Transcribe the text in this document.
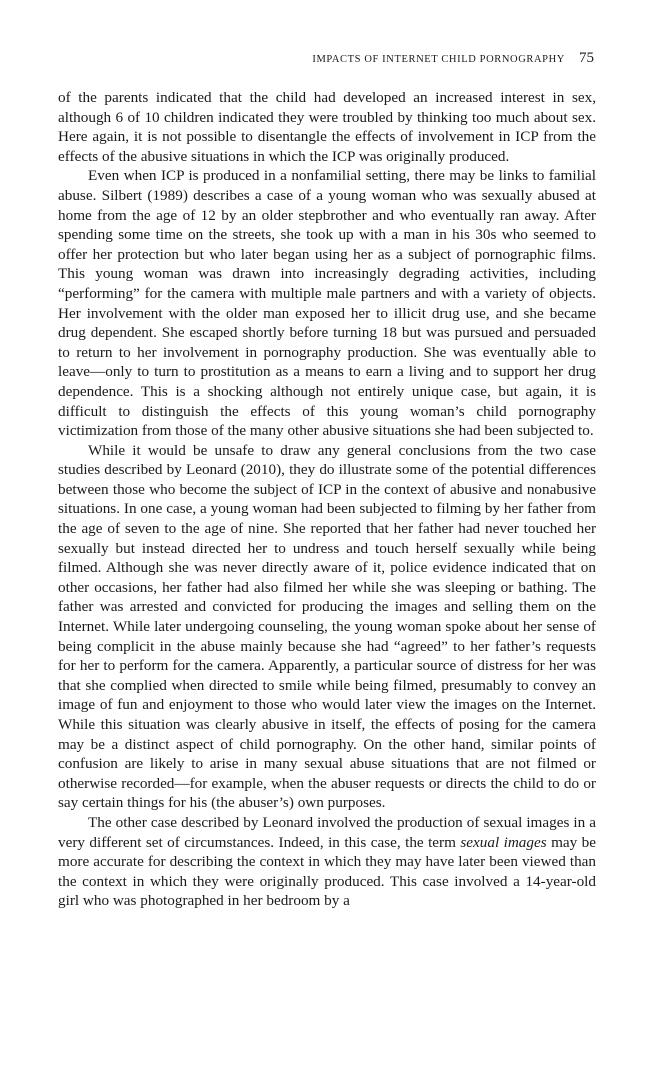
IMPACTS OF INTERNET CHILD PORNOGRAPHY 75

of the parents indicated that the child had developed an increased interest in sex, although 6 of 10 children indicated they were troubled by thinking too much about sex. Here again, it is not possible to disentangle the effects of involvement in ICP from the effects of the abusive situations in which the ICP was originally produced.

Even when ICP is produced in a nonfamilial setting, there may be links to familial abuse. Silbert (1989) describes a case of a young woman who was sexually abused at home from the age of 12 by an older stepbrother and who eventually ran away. After spending some time on the streets, she took up with a man in his 30s who seemed to offer her protection but who later began using her as a subject of pornographic films. This young woman was drawn into increasingly degrading activities, including “performing” for the camera with multiple male partners and with a variety of objects. Her involvement with the older man exposed her to illicit drug use, and she became drug dependent. She escaped shortly before turning 18 but was pursued and persuaded to return to her involvement in pornography production. She was eventually able to leave—only to turn to prostitution as a means to earn a living and to support her drug dependence. This is a shocking although not entirely unique case, but again, it is difficult to distinguish the effects of this young woman’s child pornography victimization from those of the many other abusive situations she had been subjected to.

While it would be unsafe to draw any general conclusions from the two case studies described by Leonard (2010), they do illustrate some of the potential differences between those who become the subject of ICP in the context of abusive and nonabusive situations. In one case, a young woman had been subjected to filming by her father from the age of seven to the age of nine. She reported that her father had never touched her sexually but instead directed her to undress and touch herself sexually while being filmed. Although she was never directly aware of it, police evidence indicated that on other occasions, her father had also filmed her while she was sleeping or bathing. The father was arrested and convicted for producing the images and selling them on the Internet. While later undergoing counseling, the young woman spoke about her sense of being complicit in the abuse mainly because she had “agreed” to her father’s requests for her to perform for the camera. Apparently, a particular source of distress for her was that she complied when directed to smile while being filmed, presumably to convey an image of fun and enjoyment to those who would later view the images on the Internet. While this situation was clearly abusive in itself, the effects of posing for the camera may be a distinct aspect of child pornography. On the other hand, similar points of confusion are likely to arise in many sexual abuse situations that are not filmed or otherwise recorded—for example, when the abuser requests or directs the child to do or say certain things for his (the abuser’s) own purposes.

The other case described by Leonard involved the production of sexual images in a very different set of circumstances. Indeed, in this case, the term sexual images may be more accurate for describing the context in which they may have later been viewed than the context in which they were originally produced. This case involved a 14-year-old girl who was photographed in her bedroom by a
